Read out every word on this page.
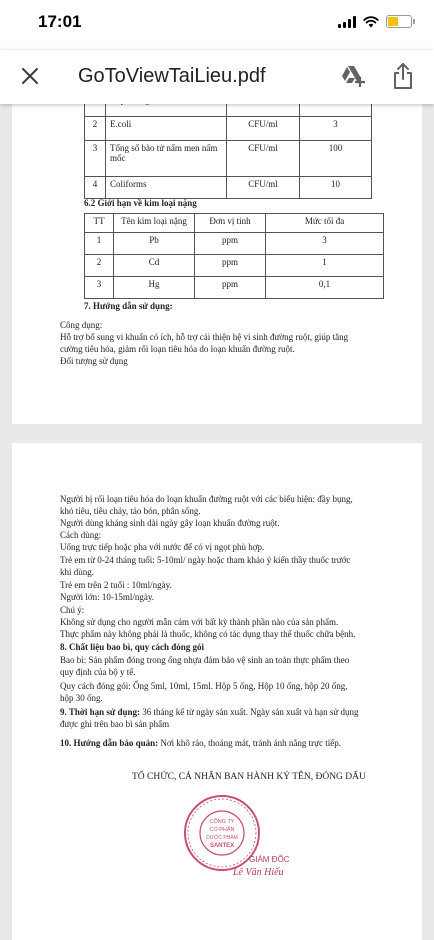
17:01
GoToViewTaiLieu.pdf

2	E.coli	CFU/ml	3
3	Tổng số bào tử nấm men nấm mốc	CFU/ml	100
4	Coliforms	CFU/ml	10
6.2 Giới hạn về kim loại nặng
TT	Tên kim loại nặng	Đơn vị tính	Mức tối đa
1	Pb	ppm	3
2	Cd	ppm	1
3	Hg	ppm	0,1
7. Hướng dẫn sử dụng:
Công dụng:
Hỗ trợ bổ sung vi khuẩn có ích, hỗ trợ cải thiện hệ vi sinh đường ruột, giúp tăng
cường tiêu hóa, giảm rối loạn tiêu hóa do loạn khuẩn đường ruột.
Đối tượng sử dụng
Người bị rối loạn tiêu hóa do loạn khuẩn đường ruột với các biểu hiện: đầy bụng,
khó tiêu, tiêu chảy, táo bón, phân sống.
Người dùng kháng sinh dài ngày gây loạn khuẩn đường ruột.
Cách dùng:
Uống trực tiếp hoặc pha với nước để có vị ngọt phù hợp.
Trẻ em từ 0-24 tháng tuổi: 5-10ml/ ngày hoặc tham khảo ý kiến thầy thuốc trước
khi dùng.
Trẻ em trên 2 tuổi : 10ml/ngày.
Người lớn: 10-15ml/ngày.
Chú ý:
Không sử dụng cho người mẫn cảm với bất kỳ thành phần nào của sản phẩm.
Thực phẩm này không phải là thuốc, không có tác dụng thay thế thuốc chữa bệnh.
8. Chất liệu bao bì, quy cách đóng gói
Bao bì: Sản phẩm đóng trong ống nhựa đảm bảo vệ sinh an toàn thực phẩm theo
quy định của bộ y tế.
Quy cách đóng gói: Ống 5ml, 10ml, 15ml. Hộp 5 ống, Hộp 10 ống, hộp 20 ống,
hộp 30 ống.
9. Thời hạn sử dụng: 36 tháng kể từ ngày sản xuất. Ngày sản xuất và hạn sử dụng
được ghi trên bao bì sản phẩm
10. Hướng dẫn bảo quản: Nơi khô ráo, thoáng mát, tránh ánh nắng trực tiếp.
TỔ CHỨC, CÁ NHÂN BAN HÀNH KÝ TÊN, ĐÓNG DẤU
CÔNG TY
CỔ PHẦN
DƯỢC PHẨM
SANTEX
GIÁM ĐỐC
Lê Văn Hiếu
